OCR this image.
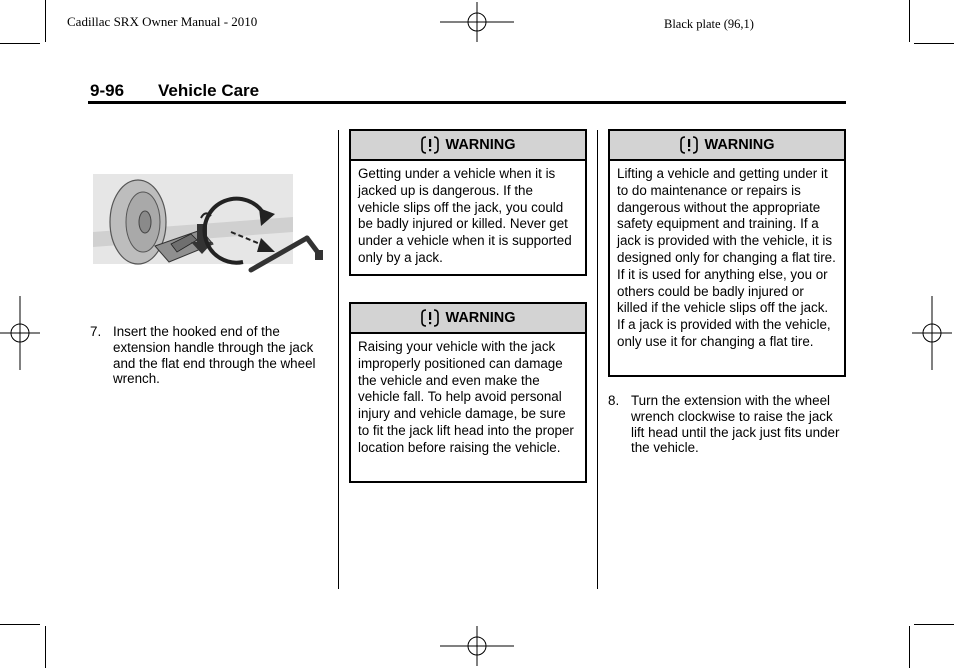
Cadillac SRX Owner Manual - 2010	Black plate (96,1)
9-96 Vehicle Care
7. Insert the hooked end of the extension handle through the jack and the flat end through the wheel wrench.
WARNING
Getting under a vehicle when it is jacked up is dangerous. If the vehicle slips off the jack, you could be badly injured or killed. Never get under a vehicle when it is supported only by a jack.
WARNING
Raising your vehicle with the jack improperly positioned can damage the vehicle and even make the vehicle fall. To help avoid personal injury and vehicle damage, be sure to fit the jack lift head into the proper location before raising the vehicle.
WARNING
Lifting a vehicle and getting under it to do maintenance or repairs is dangerous without the appropriate safety equipment and training. If a jack is provided with the vehicle, it is designed only for changing a flat tire. If it is used for anything else, you or others could be badly injured or killed if the vehicle slips off the jack. If a jack is provided with the vehicle, only use it for changing a flat tire.
8. Turn the extension with the wheel wrench clockwise to raise the jack lift head until the jack just fits under the vehicle.
